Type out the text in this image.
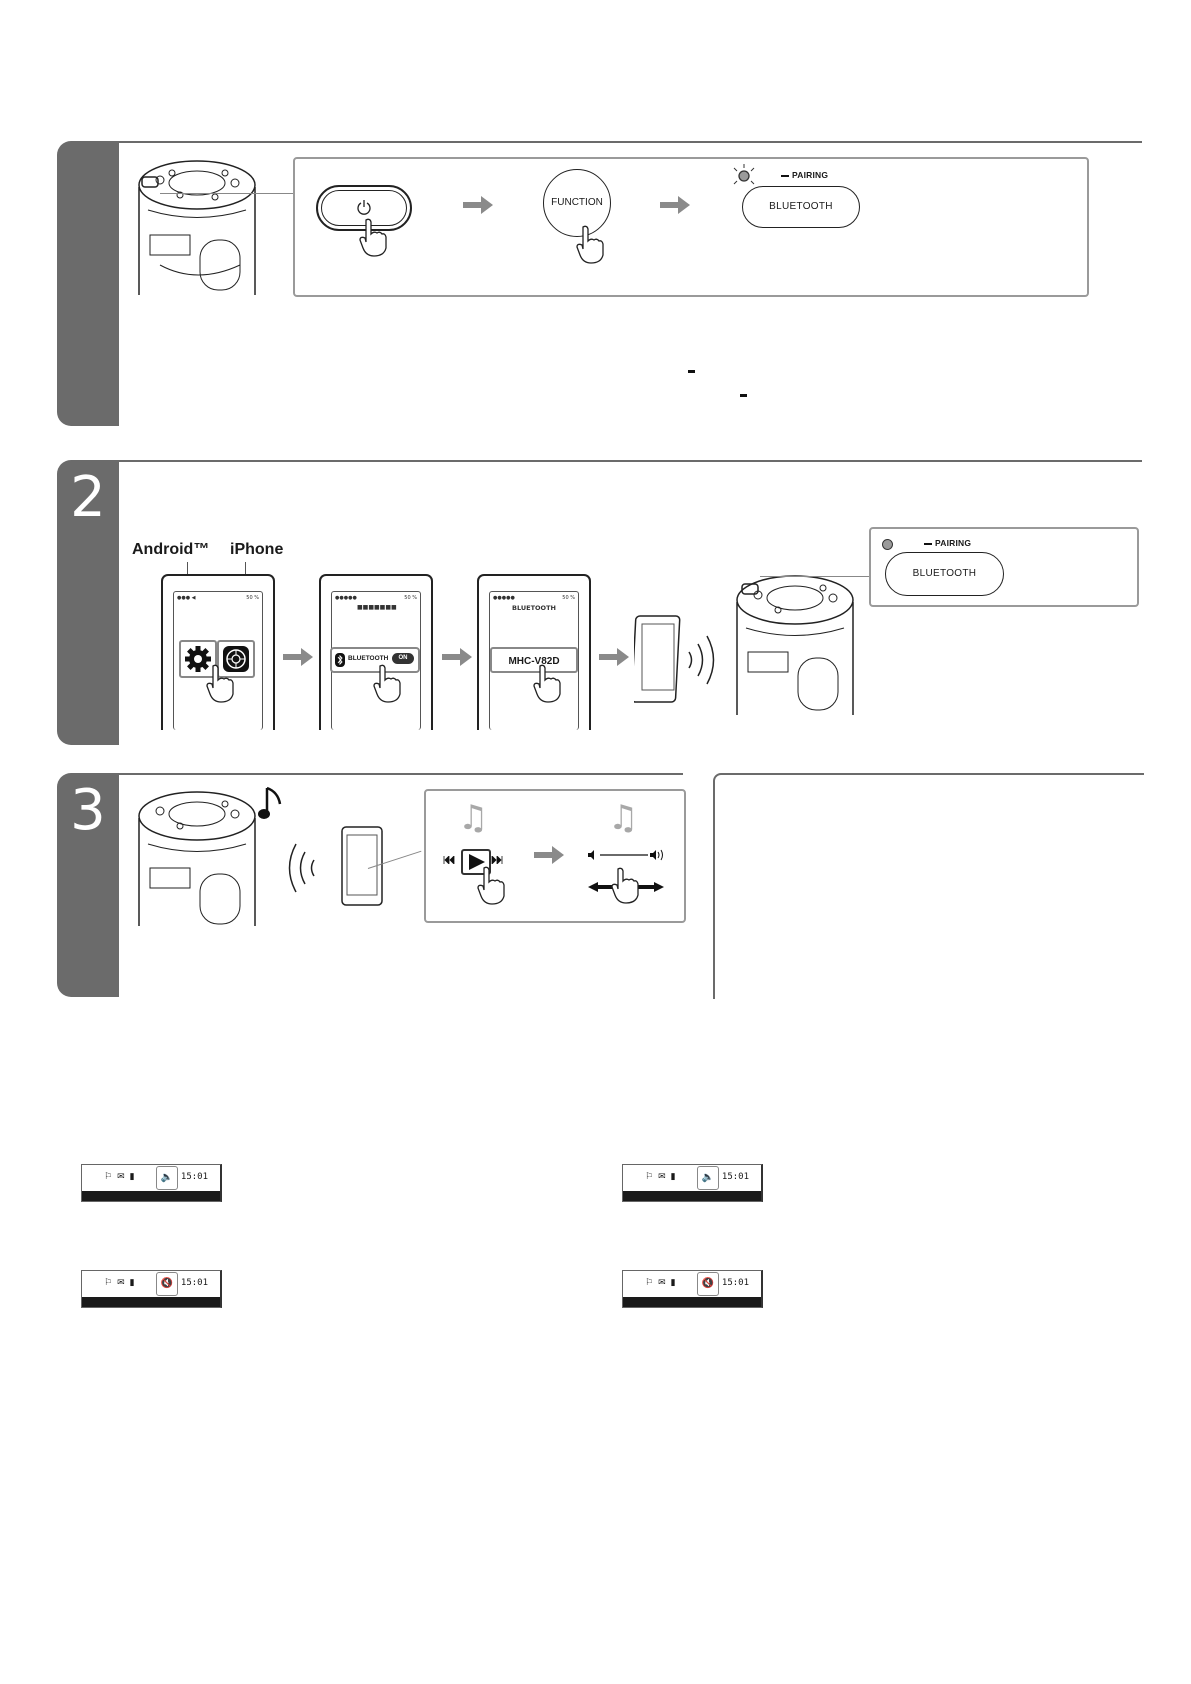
FUNCTION
PAIRING
BLUETOOTH
2
Android™ iPhone
●●● ◀	50 %	●●●●●	50 %
■■■■■■■
BLUETOOTH	ON
●●●●●	50 %
BLUETOOTH
MHC-V82D
PAIRING
BLUETOOTH
3	♫	♫
⚐✉▮	🔈 15:01	⚐✉▮	🔈 15:01
⚐✉▮	🔇 15:01	⚐✉▮	🔇 15:01
